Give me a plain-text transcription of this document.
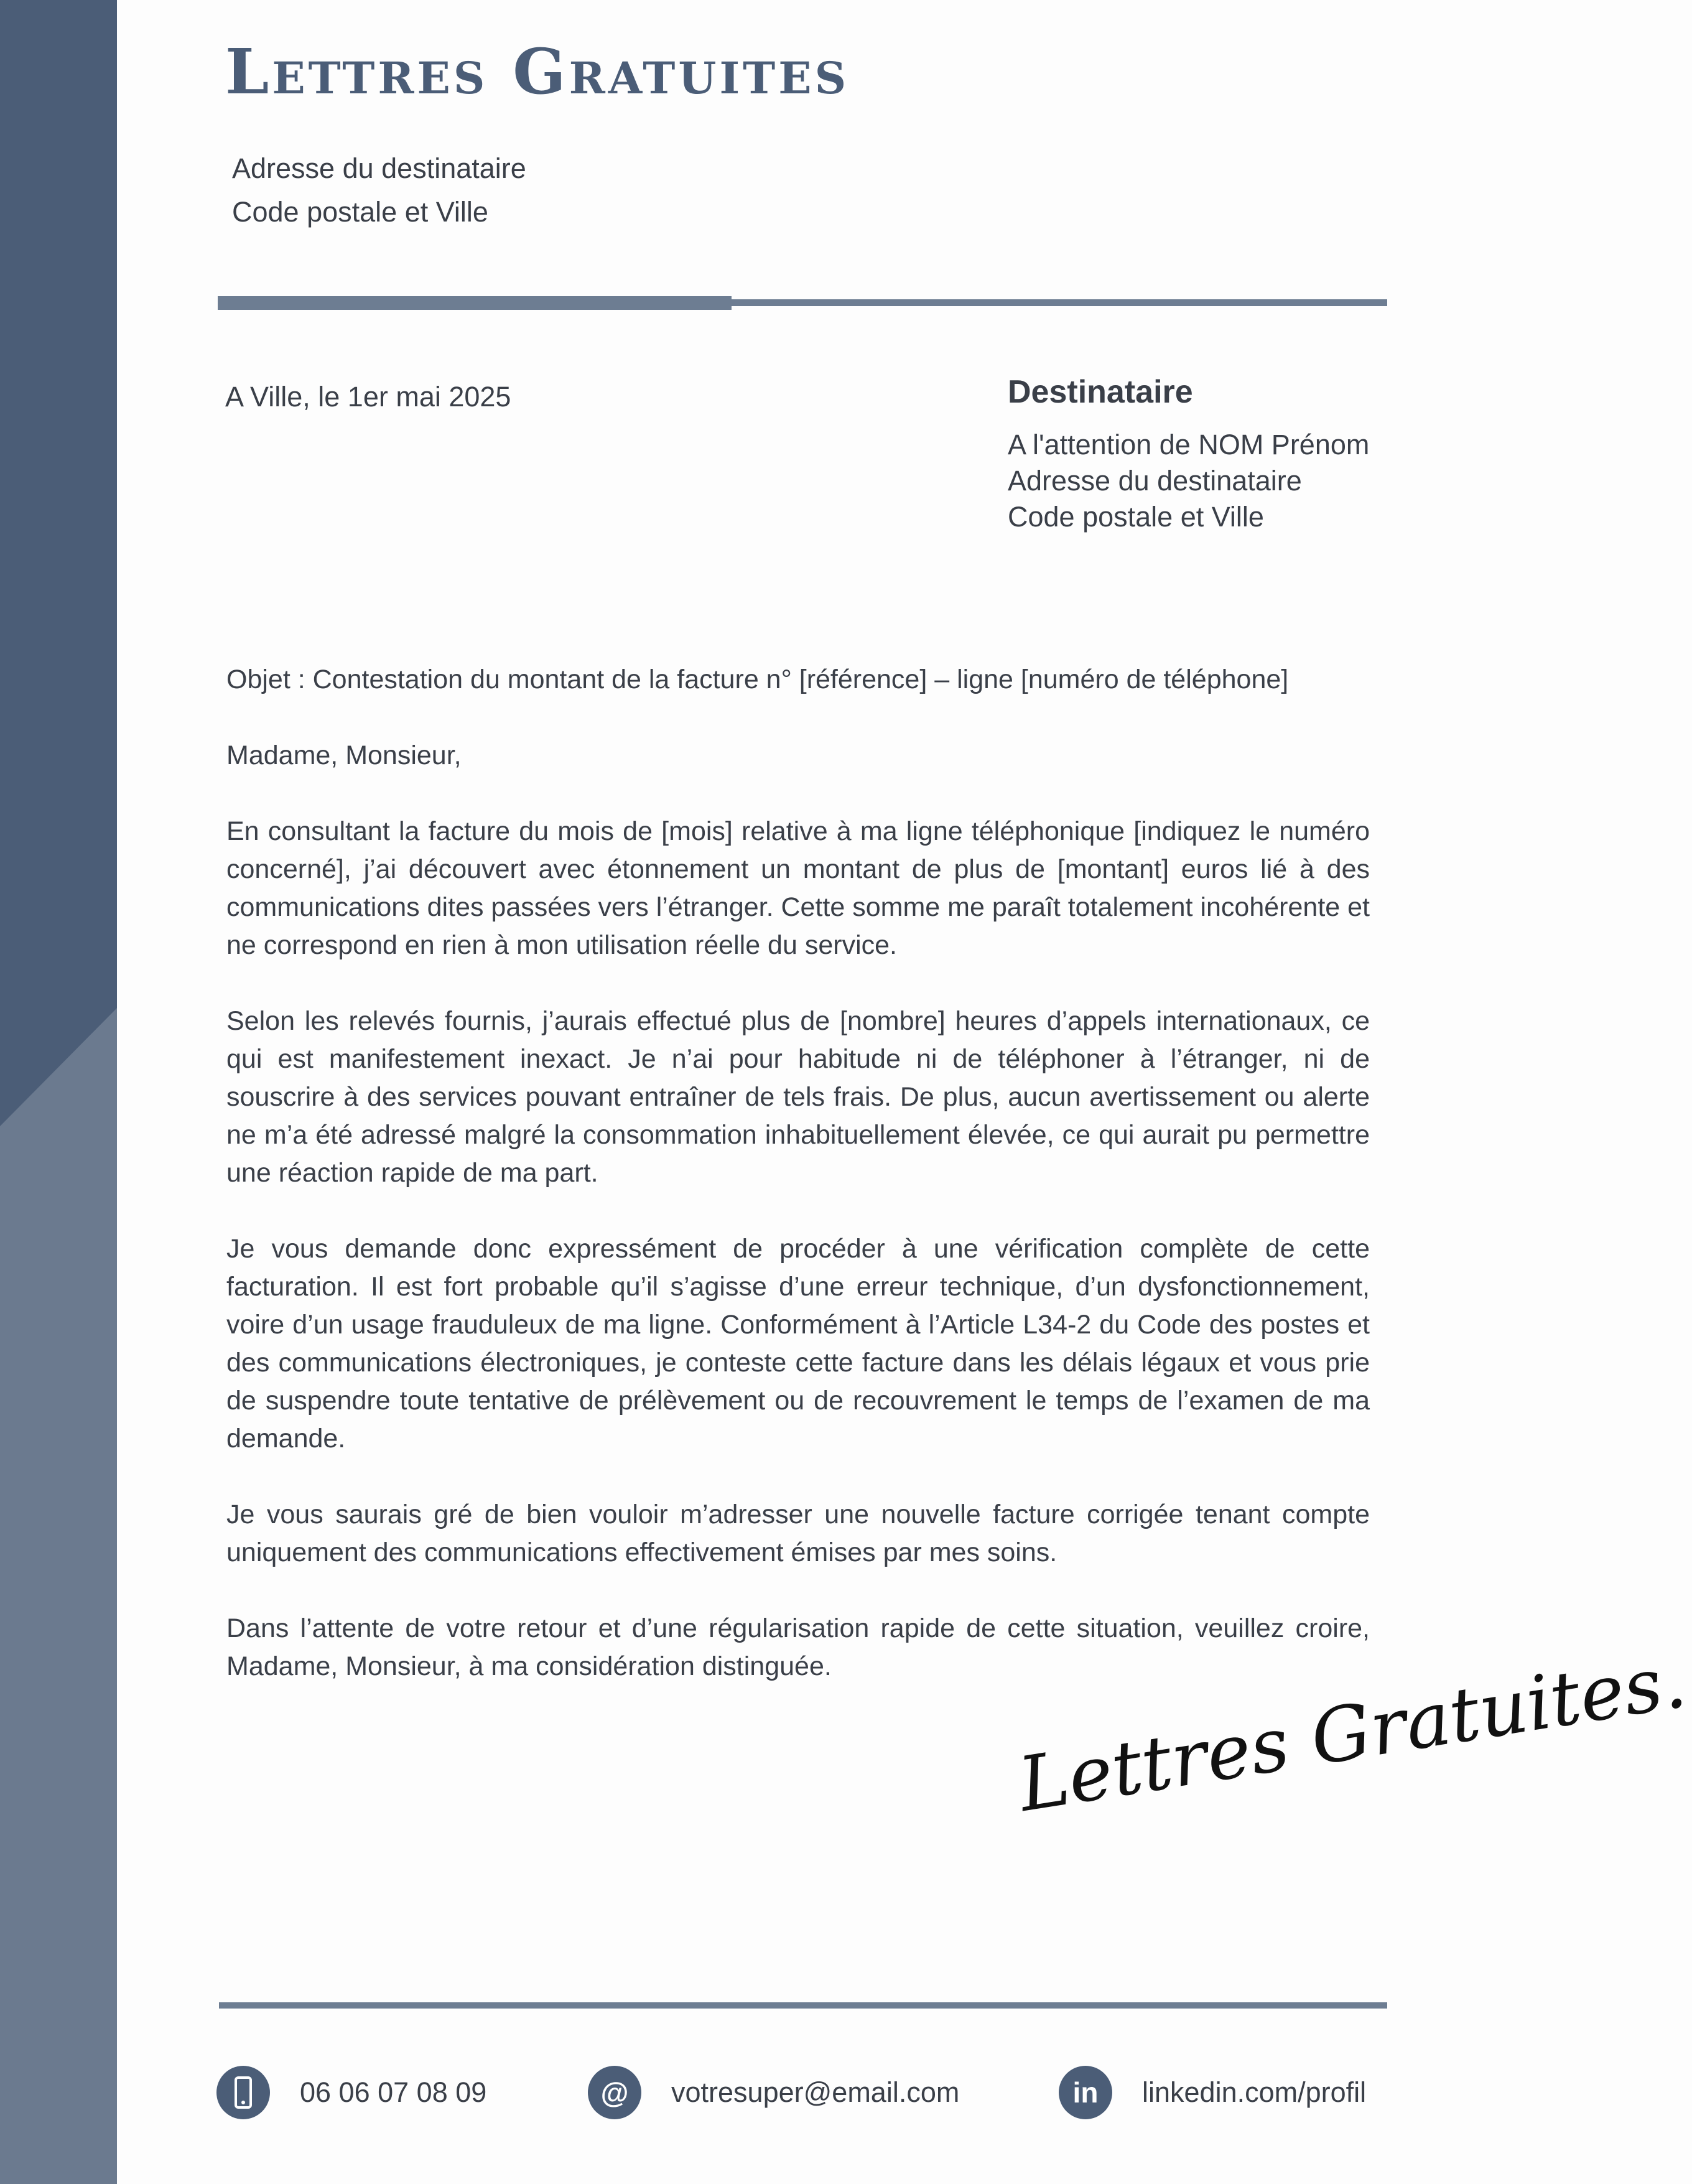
Lettres Gratuites
Adresse du destinataire
Code postale et Ville
A Ville, le 1er mai 2025	Destinataire
A l'attention de NOM Prénom
Adresse du destinataire
Code postale et Ville

Objet : Contestation du montant de la facture n° [référence] – ligne [numéro de téléphone]

Madame, Monsieur,

En consultant la facture du mois de [mois] relative à ma ligne téléphonique [indiquez le numéro concerné], j’ai découvert avec étonnement un montant de plus de [montant] euros lié à des communications dites passées vers l’étranger. Cette somme me paraît totalement incohérente et ne correspond en rien à mon utilisation réelle du service.

Selon les relevés fournis, j’aurais effectué plus de [nombre] heures d’appels internationaux, ce qui est manifestement inexact. Je n’ai pour habitude ni de téléphoner à l’étranger, ni de souscrire à des services pouvant entraîner de tels frais. De plus, aucun avertissement ou alerte ne m’a été adressé malgré la consommation inhabituellement élevée, ce qui aurait pu permettre une réaction rapide de ma part.

Je vous demande donc expressément de procéder à une vérification complète de cette facturation. Il est fort probable qu’il s’agisse d’une erreur technique, d’un dysfonctionnement, voire d’un usage frauduleux de ma ligne. Conformément à l’Article L34-2 du Code des postes et des communications électroniques, je conteste cette facture dans les délais légaux et vous prie de suspendre toute tentative de prélèvement ou de recouvrement le temps de l’examen de ma demande.

Je vous saurais gré de bien vouloir m’adresser une nouvelle facture corrigée tenant compte uniquement des communications effectivement émises par mes soins.

Dans l’attente de votre retour et d’une régularisation rapide de cette situation, veuillez croire, Madame, Monsieur, à ma considération distinguée.	Lettres Gratuites.
06 06 07 08 09	@	votresuper@email.com	in	linkedin.com/profil
